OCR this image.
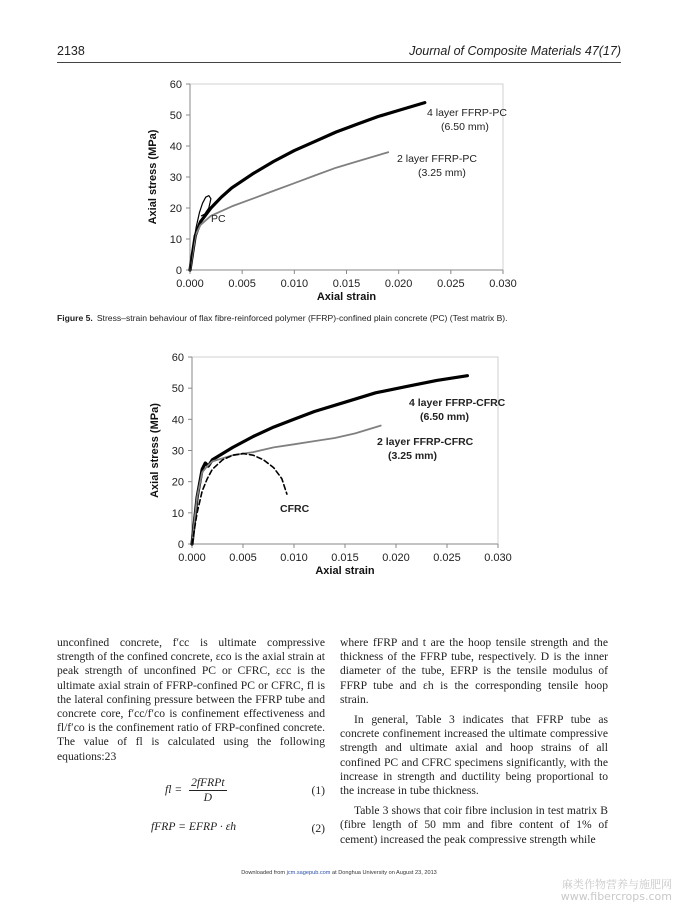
2138	Journal of Composite Materials 47(17)
0
10
20
30
40
50
60
0.000 0.005 0.010 0.015 0.020 0.025 0.030
Axial strain
Axial stress (MPa)
4 layer FFRP-PC
(6.50 mm)
2 layer FFRP-PC
(3.25 mm)
PC
Figure 5. Stress–strain behaviour of flax fibre-reinforced polymer (FFRP)-confined plain concrete (PC) (Test matrix B).
0
10
20
30
40
50
60
0.000 0.005 0.010 0.015 0.020 0.025 0.030
Axial strain
Axial stress (MPa)
4 layer FFRP-CFRC
(6.50 mm)
2 layer FFRP-CFRC
(3.25 mm)
CFRC

unconfined concrete, f′cc is ultimate compressive strength of the confined concrete, εco is the axial strain at peak strength of unconfined PC or CFRC, εcc is the ultimate axial strain of FFRP-confined PC or CFRC, fl is the lateral confining pressure between the FFRP tube and concrete core, f′cc/f′co is confinement effectiveness and fl/f′co is the confinement ratio of FRP-confined concrete. The value of fl is calculated using the following equations:23

fl = $\frac{\text{2fFRPt}}{D}$	(1)
fFRP = EFRP · εh	(2)

where fFRP and t are the hoop tensile strength and the thickness of the FFRP tube, respectively. D is the inner diameter of the tube, EFRP is the tensile modulus of FFRP tube and εh is the corresponding tensile hoop strain.

In general, Table 3 indicates that FFRP tube as concrete confinement increased the ultimate compressive strength and ultimate axial and hoop strains of all confined PC and CFRC specimens significantly, with the increase in strength and ductility being proportional to the increase in tube thickness.

Table 3 shows that coir fibre inclusion in test matrix B (fibre length of 50 mm and fibre content of 1% of cement) increased the peak compressive strength while

Downloaded from jcm.sagepub.com at Donghua University on August 23, 2013
麻类作物营养与施肥网
www.fibercrops.com
